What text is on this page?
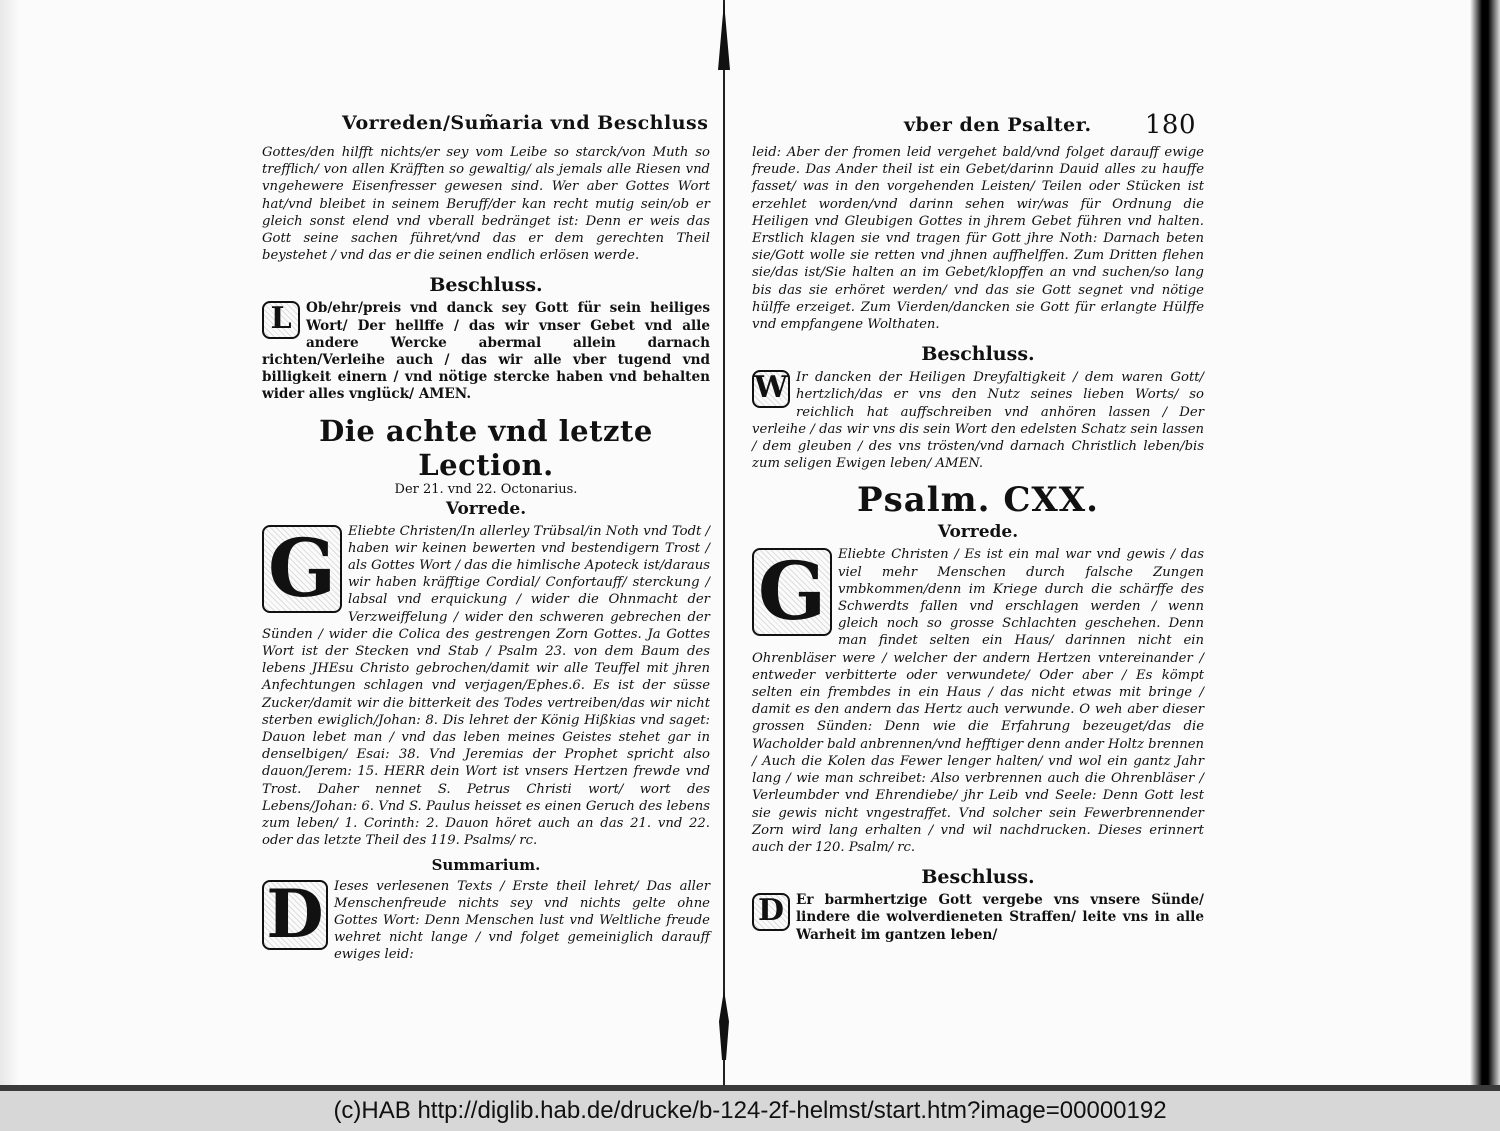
Vorreden/Sum̃aria vnd Beschluss

Gottes/den hilfft nichts/er sey vom Leibe so starck/von Muth so trefflich/ von allen Kräfften so gewaltig/ als jemals alle Riesen vnd vngehewere Eisenfresser gewesen sind. Wer aber Gottes Wort hat/vnd bleibet in seinem Beruff/der kan recht mutig sein/ob er gleich sonst elend vnd vberall bedränget ist: Denn er weis das Gott seine sachen führet/vnd das er dem gerechten Theil beystehet / vnd das er die seinen endlich erlösen werde.

Beschluss.
L	Ob/ehr/preis vnd danck sey Gott für sein heiliges Wort/ Der hellffe / das wir vnser Gebet vnd alle andere Wercke abermal allein darnach richten/Verleihe auch / das wir alle vber tugend vnd billigkeit einern / vnd nötige stercke haben vnd behalten wider alles vnglück/ AMEN.

Die achte vnd letzte Lection.

Der 21. vnd 22. Octonarius.

Vorrede.
G Eliebte Christen/In allerley Trübsal/in Noth vnd Todt / haben wir keinen bewerten vnd bestendigern Trost / als Gottes Wort / das die himlische Apoteck ist/daraus wir haben kräfftige Cordial/ Confortauff/ sterckung / labsal vnd erquickung / wider die Ohnmacht der Verzweiffelung / wider den schweren gebrechen der Sünden / wider die Colica des gestrengen Zorn Gottes. Ja Gottes Wort ist der Stecken vnd Stab / Psalm 23. von dem Baum des lebens JHEsu Christo gebrochen/damit wir alle Teuffel mit jhren Anfechtungen schlagen vnd verjagen/Ephes.6. Es ist der süsse Zucker/damit wir die bitterkeit des Todes vertreiben/das wir nicht sterben ewiglich/Johan: 8. Dis lehret der König Hißkias vnd saget: Dauon lebet man / vnd das leben meines Geistes stehet gar in denselbigen/ Esai: 38. Vnd Jeremias der Prophet spricht also dauon/Jerem: 15. HERR dein Wort ist vnsers Hertzen frewde vnd Trost. Daher nennet S. Petrus Christi wort/ wort des Lebens/Johan: 6. Vnd S. Paulus heisset es einen Geruch des lebens zum leben/ 1. Corinth: 2. Dauon höret auch an das 21. vnd 22. oder das letzte Theil des 119. Psalms/ rc.

Summarium.
D Ieses verlesenen Texts / Erste theil lehret/ Das aller Menschenfreude nichts sey vnd nichts gelte ohne Gottes Wort: Denn Menschen lust vnd Weltliche freude wehret nicht lange / vnd folget gemeiniglich darauff ewiges leid:

vber den Psalter. 180

leid: Aber der fromen leid vergehet bald/vnd folget darauff ewige freude. Das Ander theil ist ein Gebet/darinn Dauid alles zu hauffe fasset/ was in den vorgehenden Leisten/ Teilen oder Stücken ist erzehlet worden/vnd darinn sehen wir/was für Ordnung die Heiligen vnd Gleubigen Gottes in jhrem Gebet führen vnd halten. Erstlich klagen sie vnd tragen für Gott jhre Noth: Darnach beten sie/Gott wolle sie retten vnd jhnen auffhelffen. Zum Dritten flehen sie/das ist/Sie halten an im Gebet/klopffen an vnd suchen/so lang bis das sie erhöret werden/ vnd das sie Gott segnet vnd nötige hülffe erzeiget. Zum Vierden/dancken sie Gott für erlangte Hülffe vnd empfangene Wolthaten.

Beschluss.
W Ir dancken der Heiligen Dreyfaltigkeit / dem waren Gott/ hertzlich/das er vns den Nutz seines lieben Worts/ so reichlich hat auffschreiben vnd anhören lassen / Der verleihe / das wir vns dis sein Wort den edelsten Schatz sein lassen / dem gleuben / des vns trösten/vnd darnach Christlich leben/bis zum seligen Ewigen leben/ AMEN.

Psalm. CXX.
Vorrede.
G Eliebte Christen / Es ist ein mal war vnd gewis / das viel mehr Menschen durch falsche Zungen vmbkommen/denn im Kriege durch die schärffe des Schwerdts fallen vnd erschlagen werden / wenn gleich noch so grosse Schlachten geschehen. Denn man findet selten ein Haus/ darinnen nicht ein Ohrenbläser were / welcher der andern Hertzen vntereinander / entweder verbitterte oder verwundete/ Oder aber / Es kömpt selten ein frembdes in ein Haus / das nicht etwas mit bringe / damit es den andern das Hertz auch verwunde. O weh aber dieser grossen Sünden: Denn wie die Erfahrung bezeuget/das die Wacholder bald anbrennen/vnd hefftiger denn ander Holtz brennen / Auch die Kolen das Fewer lenger halten/ vnd wol ein gantz Jahr lang / wie man schreibet: Also verbrennen auch die Ohrenbläser / Verleumbder vnd Ehrendiebe/ jhr Leib vnd Seele: Denn Gott lest sie gewis nicht vngestraffet. Vnd solcher sein Fewerbrennender Zorn wird lang erhalten / vnd wil nachdrucken. Dieses erinnert auch der 120. Psalm/ rc.

Beschluss.
D Er barmhertzige Gott vergebe vns vnsere Sünde/ lindere die wolverdieneten Straffen/ leite vns in alle Warheit im gantzen leben/

(c)HAB http://diglib.hab.de/drucke/b-124-2f-helmst/start.htm?image=00000192
